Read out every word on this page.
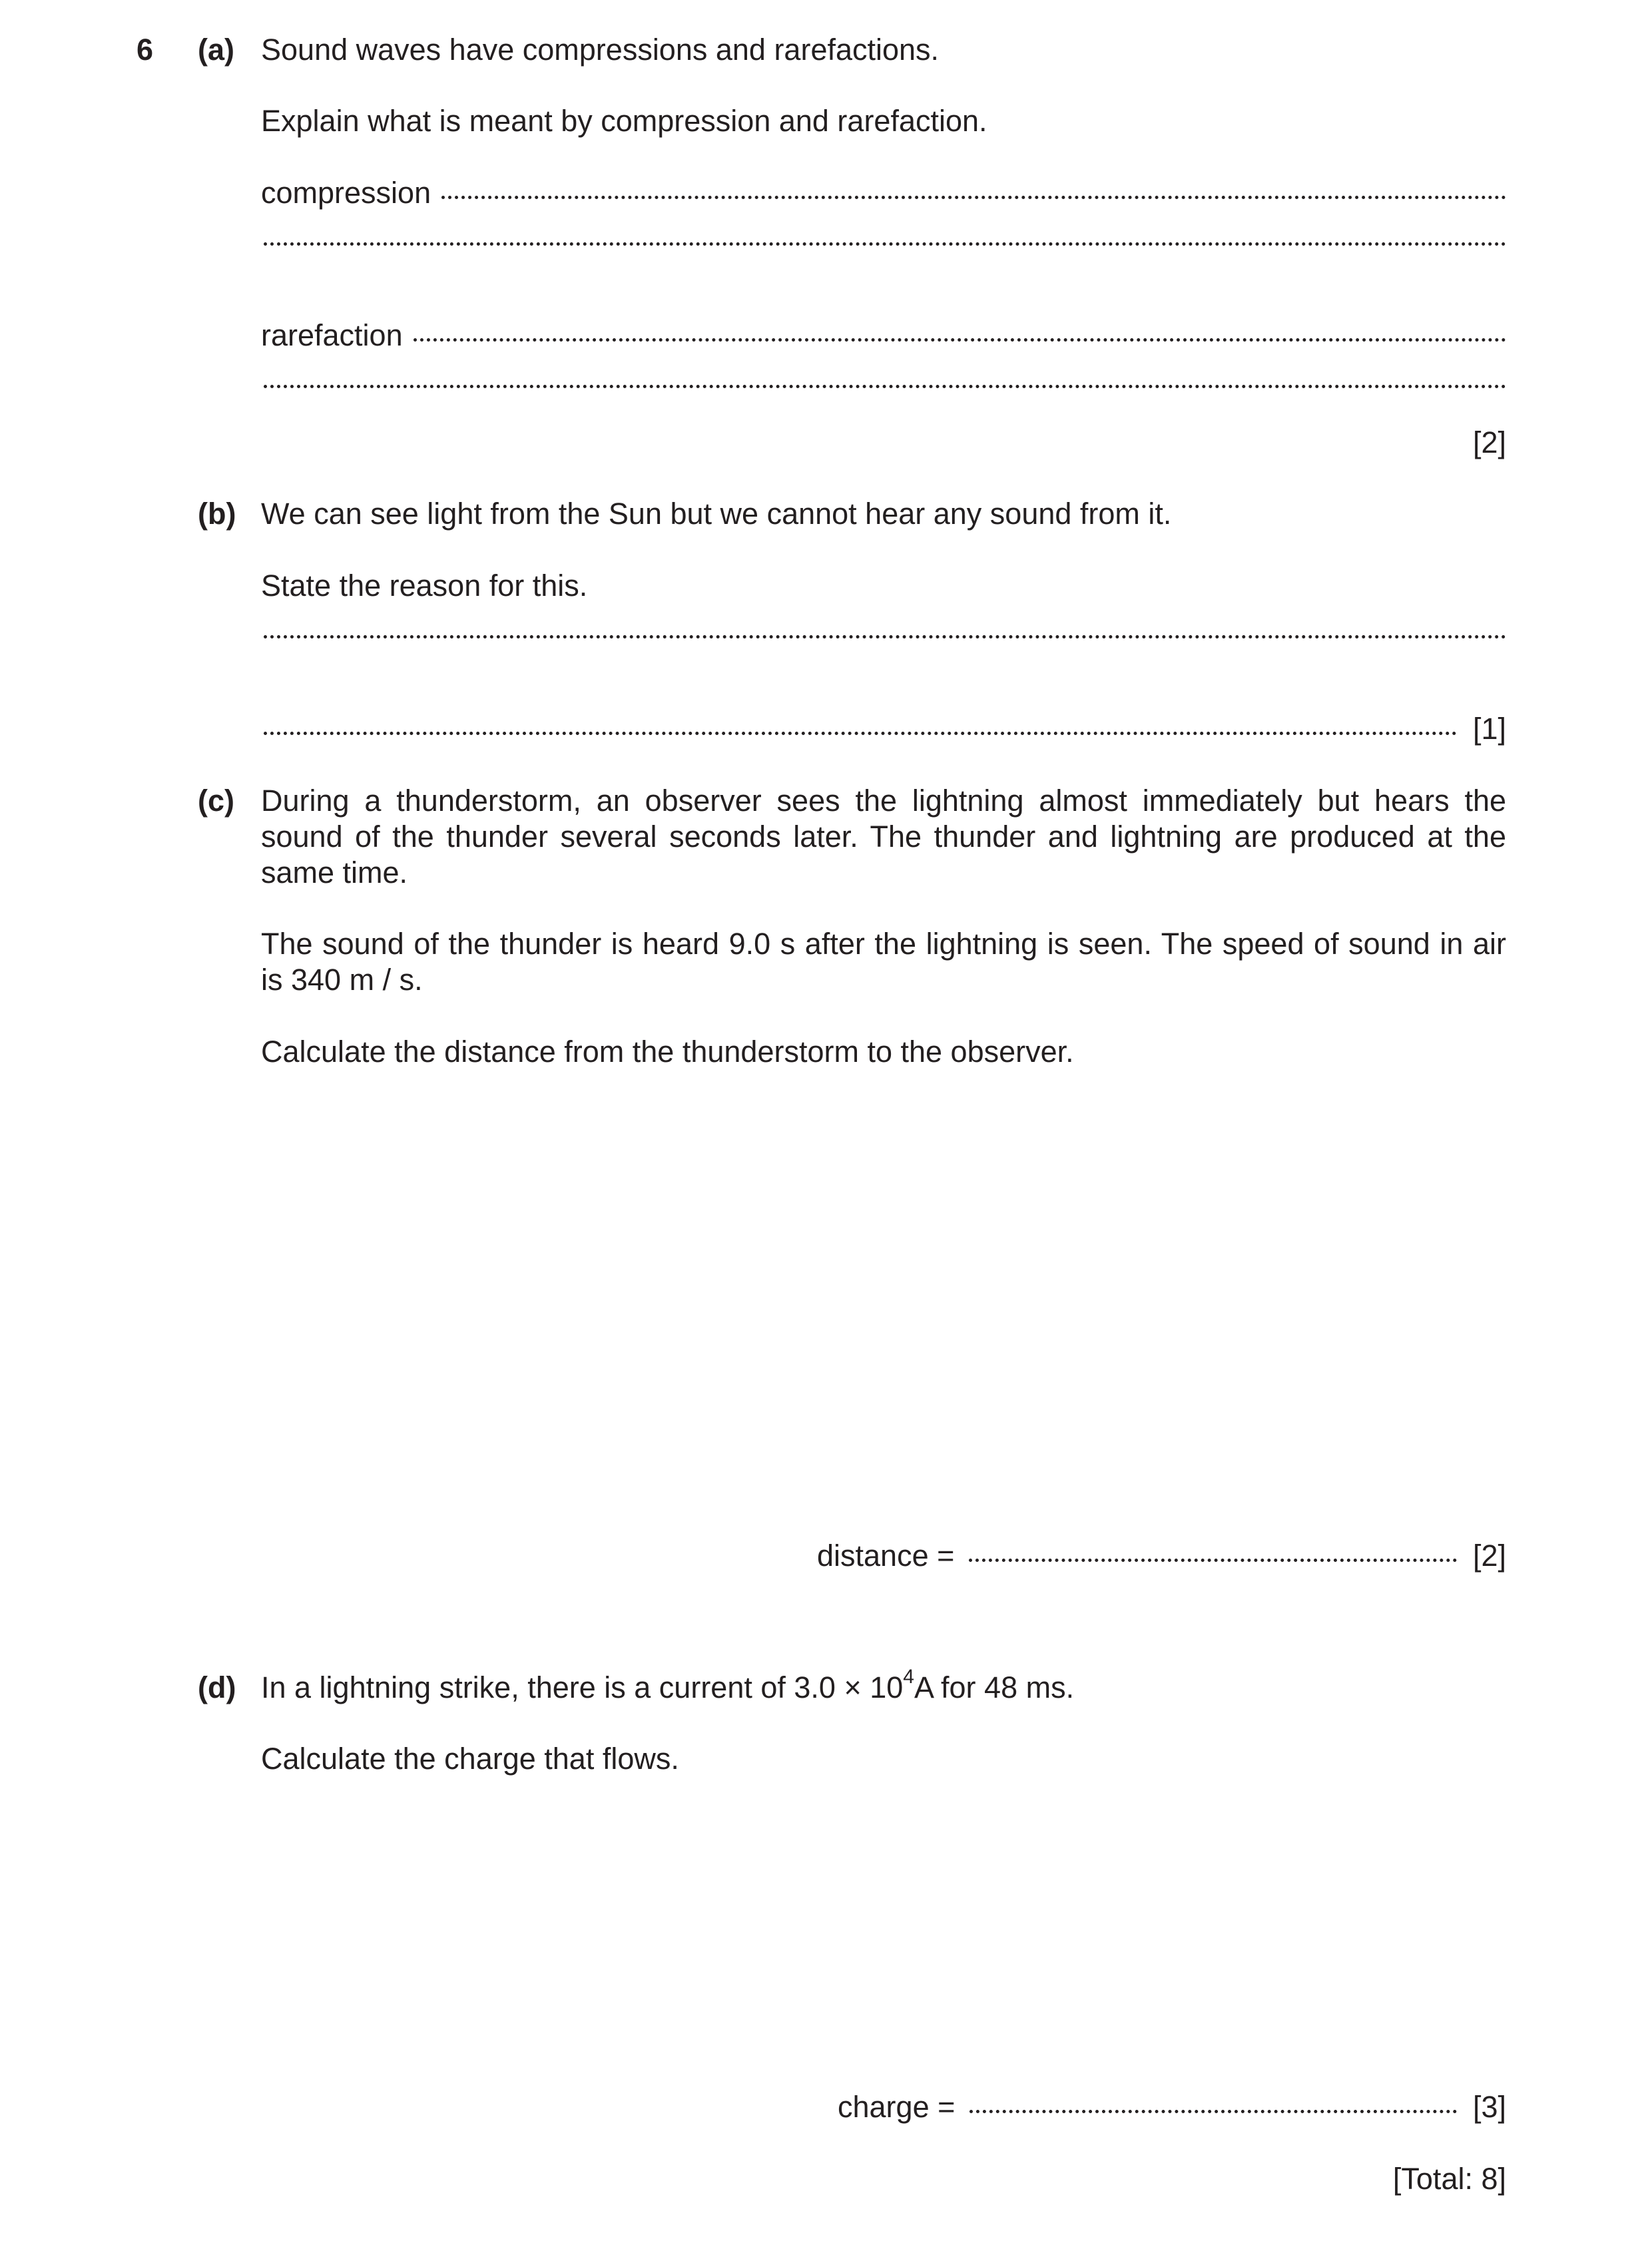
6 (a) Sound waves have compressions and rarefactions.
Explain what is meant by compression and rarefaction.
compression
rarefaction
[2]
(b) We can see light from the Sun but we cannot hear any sound from it.
State the reason for this.
[1]
(c) During a thunderstorm, an observer sees the lightning almost immediately but hears the sound of the thunder several seconds later. The thunder and lightning are produced at the same time.
The sound of the thunder is heard 9.0 s after the lightning is seen. The speed of sound in air is 340 m / s.
Calculate the distance from the thunderstorm to the observer.
distance =	[2]
(d) In a lightning strike, there is a current of $3.0 \times 10^4A$ for 48 ms.
Calculate the charge that flows.
charge =	[3]
[Total: 8]
